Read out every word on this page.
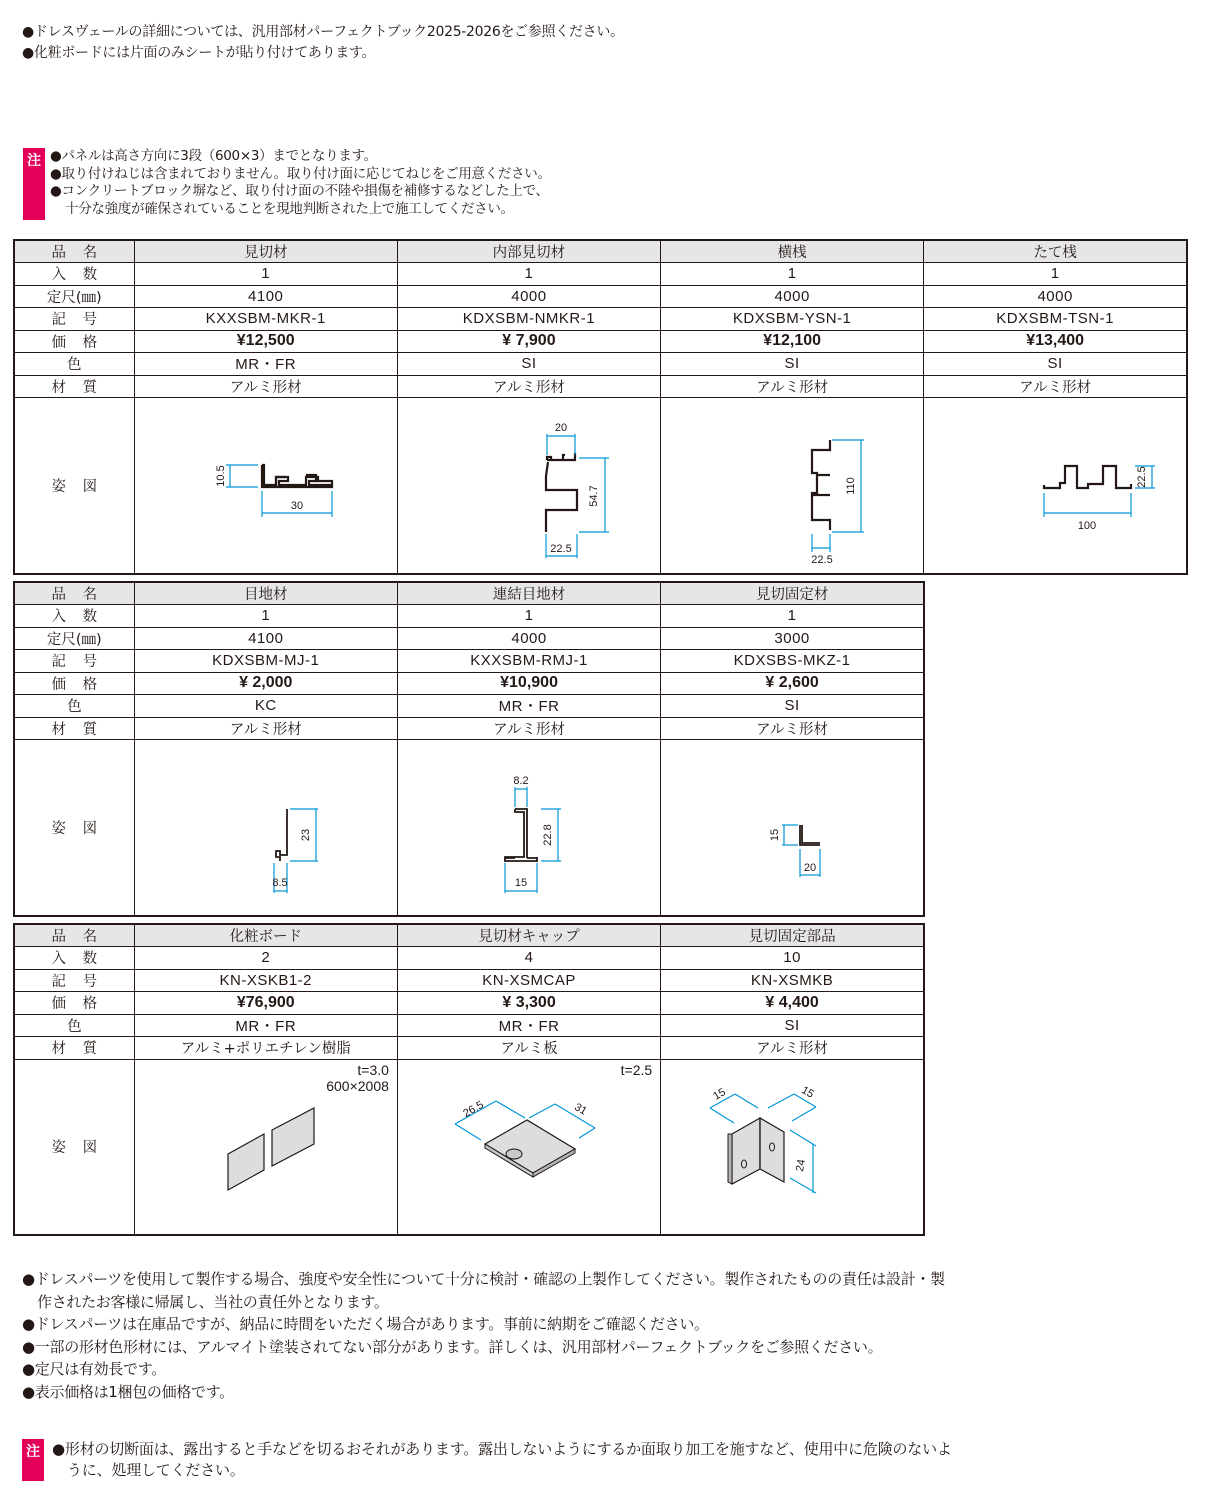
●ドレスヴェールの詳細については、汎用部材パーフェクトブック2025-2026をご参照ください。
●化粧ボードには片面のみシートが貼り付けてあります。
注 ●パネルは高さ方向に3段（600×3）までとなります。
●取り付けねじは含まれておりません。取り付け面に応じてねじをご用意ください。
●コンクリートブロック塀など、取り付け面の不陸や損傷を補修するなどした上で、
十分な強度が確保されていることを現地判断された上で施工してください。
品 名	見切材	内部見切材	横桟	たて桟
入 数	1	1	1	1
定尺(㎜)	4100	4000	4000	4000
記 号	KXXSBM-MKR-1	KDXSBM-NMKR-1	KDXSBM-YSN-1	KDXSBM-TSN-1
価 格	¥12,500	¥ 7,900	¥12,100	¥13,400
色	MR・FR	SI	SI	SI
材 質	アルミ形材	アルミ形材	アルミ形材	アルミ形材
姿 図	30
10.5	20
54.7
22.5	110
22.5	22.5
100
品 名	目地材	連結目地材	見切固定材
入 数	1	1	1
定尺(㎜)	4100	4000	3000
記 号	KDXSBM-MJ-1	KXXSBM-RMJ-1	KDXSBS-MKZ-1
価 格	¥ 2,000	¥10,900	¥ 2,600
色	KC	MR・FR	SI
材 質	アルミ形材	アルミ形材	アルミ形材
姿 図	23
8.5	8.2
22.8
15	15
20
品 名	化粧ボード	見切材キャップ	見切固定部品
入 数	2	4	10
記 号	KN-XSKB1-2	KN-XSMCAP	KN-XSMKB
価 格	¥76,900	¥ 3,300	¥ 4,400
色	MR・FR	MR・FR	SI
材 質	アルミ+ポリエチレン樹脂	アルミ板	アルミ形材
姿 図	
t=3.0
600×2008

t=2.5
26.5	31

15	15
24
●ドレスパーツを使用して製作する場合、強度や安全性について十分に検討・確認の上製作してください。製作されたものの責任は設計・製
作されたお客様に帰属し、当社の責任外となります。
●ドレスパーツは在庫品ですが、納品に時間をいただく場合があります。事前に納期をご確認ください。
●一部の形材色形材には、アルマイト塗装されてない部分があります。詳しくは、汎用部材パーフェクトブックをご参照ください。
●定尺は有効長です。
●表示価格は1梱包の価格です。
注 ●形材の切断面は、露出すると手などを切るおそれがあります。露出しないようにするか面取り加工を施すなど、使用中に危険のないよ
うに、処理してください。
